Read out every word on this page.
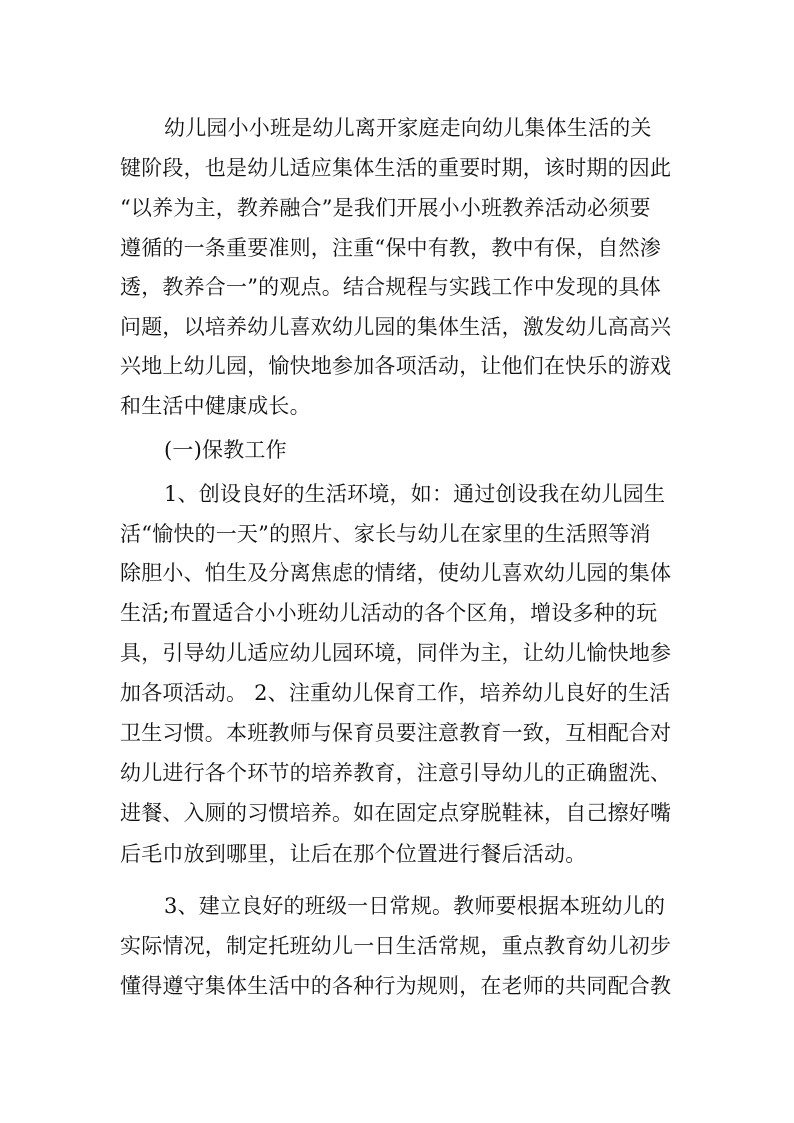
幼儿园小小班是幼儿离开家庭走向幼儿集体生活的关
键阶段，也是幼儿适应集体生活的重要时期，该时期的因此
“以养为主，教养融合”是我们开展小小班教养活动必须要
遵循的一条重要准则，注重“保中有教，教中有保，自然渗
透，教养合一”的观点。结合规程与实践工作中发现的具体
问题，以培养幼儿喜欢幼儿园的集体生活，激发幼儿高高兴
兴地上幼儿园，愉快地参加各项活动，让他们在快乐的游戏
和生活中健康成长。
(一)保教工作
1、创设良好的生活环境，如：通过创设我在幼儿园生
活“愉快的一天”的照片、家长与幼儿在家里的生活照等消
除胆小、怕生及分离焦虑的情绪，使幼儿喜欢幼儿园的集体
生活;布置适合小小班幼儿活动的各个区角，增设多种的玩
具，引导幼儿适应幼儿园环境，同伴为主，让幼儿愉快地参
加各项活动。 2、注重幼儿保育工作，培养幼儿良好的生活
卫生习惯。本班教师与保育员要注意教育一致，互相配合对
幼儿进行各个环节的培养教育，注意引导幼儿的正确盥洗、
进餐、入厕的习惯培养。如在固定点穿脱鞋袜，自己擦好嘴
后毛巾放到哪里，让后在那个位置进行餐后活动。
3、建立良好的班级一日常规。教师要根据本班幼儿的
实际情况，制定托班幼儿一日生活常规，重点教育幼儿初步
懂得遵守集体生活中的各种行为规则，在老师的共同配合教
